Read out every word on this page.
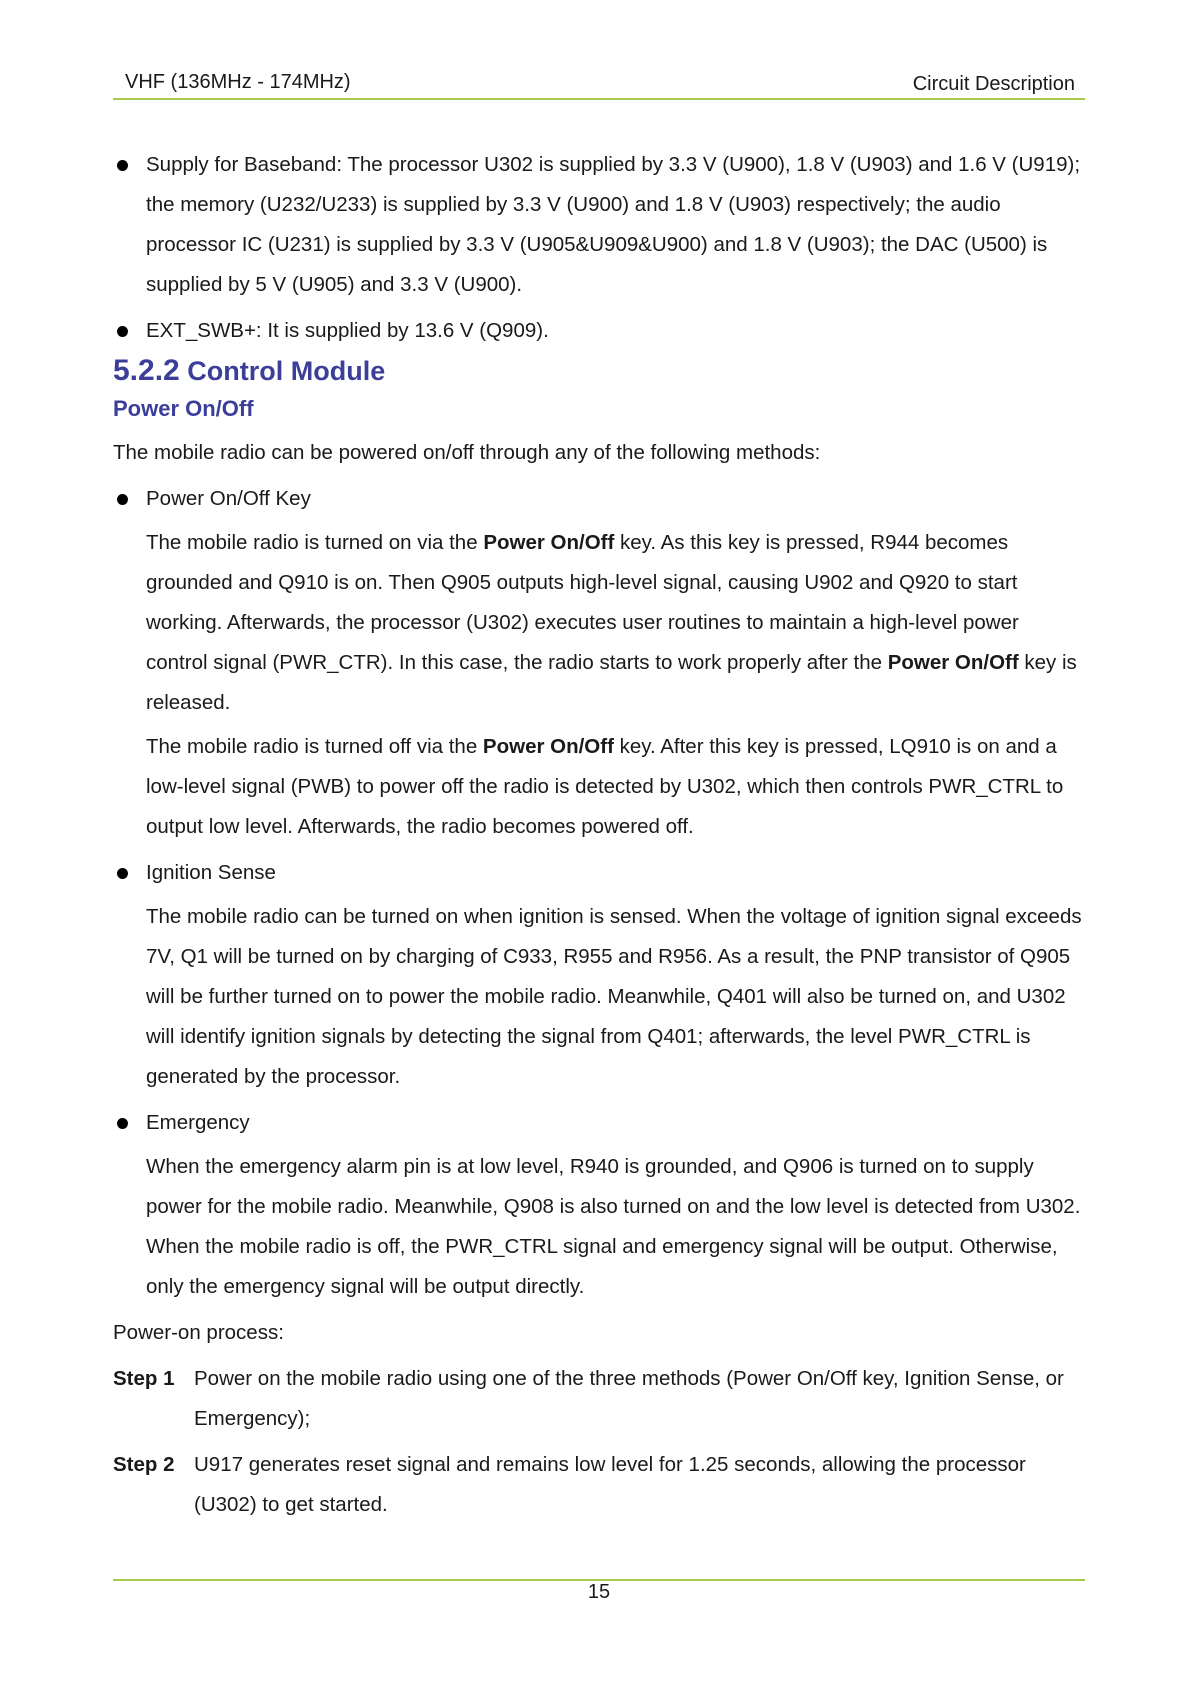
VHF (136MHz - 174MHz)	Circuit Description
Supply for Baseband: The processor U302 is supplied by 3.3 V (U900), 1.8 V (U903) and 1.6 V (U919); the memory (U232/U233) is supplied by 3.3 V (U900) and 1.8 V (U903) respectively; the audio processor IC (U231) is supplied by 3.3 V (U905&U909&U900) and 1.8 V (U903); the DAC (U500) is supplied by 5 V (U905) and 3.3 V (U900).
EXT_SWB+: It is supplied by 13.6 V (Q909).
5.2.2 Control Module
Power On/Off
The mobile radio can be powered on/off through any of the following methods:
Power On/Off Key
The mobile radio is turned on via the Power On/Off key. As this key is pressed, R944 becomes grounded and Q910 is on. Then Q905 outputs high-level signal, causing U902 and Q920 to start working. Afterwards, the processor (U302) executes user routines to maintain a high-level power control signal (PWR_CTR). In this case, the radio starts to work properly after the Power On/Off key is released.
The mobile radio is turned off via the Power On/Off key. After this key is pressed, LQ910 is on and a low-level signal (PWB) to power off the radio is detected by U302, which then controls PWR_CTRL to output low level. Afterwards, the radio becomes powered off.
Ignition Sense
The mobile radio can be turned on when ignition is sensed. When the voltage of ignition signal exceeds 7V, Q1 will be turned on by charging of C933, R955 and R956. As a result, the PNP transistor of Q905 will be further turned on to power the mobile radio. Meanwhile, Q401 will also be turned on, and U302 will identify ignition signals by detecting the signal from Q401; afterwards, the level PWR_CTRL is generated by the processor.
Emergency
When the emergency alarm pin is at low level, R940 is grounded, and Q906 is turned on to supply power for the mobile radio. Meanwhile, Q908 is also turned on and the low level is detected from U302. When the mobile radio is off, the PWR_CTRL signal and emergency signal will be output. Otherwise, only the emergency signal will be output directly.
Power-on process:
Step 1 Power on the mobile radio using one of the three methods (Power On/Off key, Ignition Sense, or Emergency);
Step 2 U917 generates reset signal and remains low level for 1.25 seconds, allowing the processor (U302) to get started.
15
